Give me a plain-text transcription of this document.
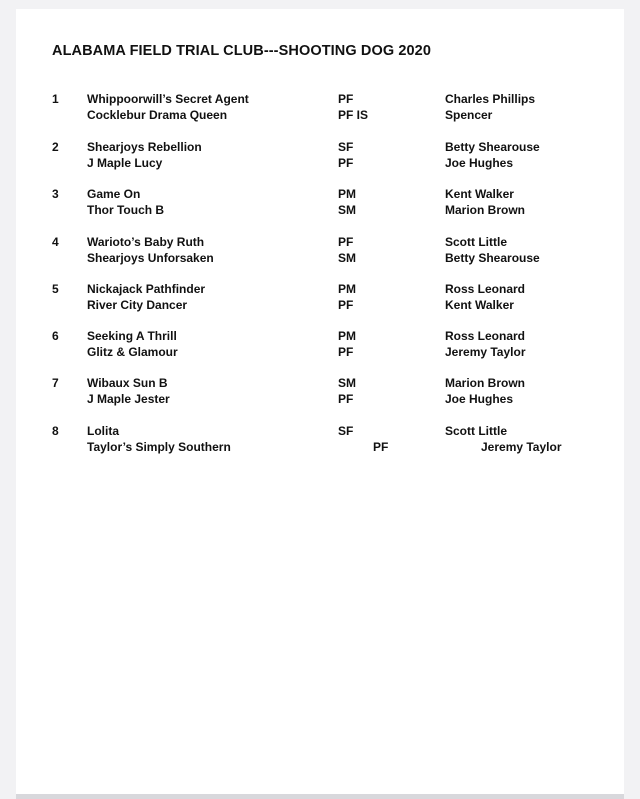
ALABAMA FIELD TRIAL CLUB---SHOOTING DOG 2020
1 Whippoorwill’s Secret Agent	PF	Charles Phillips
Cocklebur Drama Queen	PF IS	Spencer
2 Shearjoys Rebellion	SF	Betty Shearouse
J Maple Lucy	PF	Joe Hughes
3 Game On	PM	Kent Walker
Thor Touch B	SM	Marion Brown
4 Warioto’s Baby Ruth	PF	Scott Little
Shearjoys Unforsaken	SM	Betty Shearouse
5 Nickajack Pathfinder	PM	Ross Leonard
River City Dancer	PF	Kent Walker
6 Seeking A Thrill	PM	Ross Leonard
Glitz & Glamour	PF	Jeremy Taylor
7 Wibaux Sun B	SM	Marion Brown
J Maple Jester	PF	Joe Hughes
8 Lolita	SF	Scott Little
Taylor’s Simply Southern	PF	Jeremy Taylor
